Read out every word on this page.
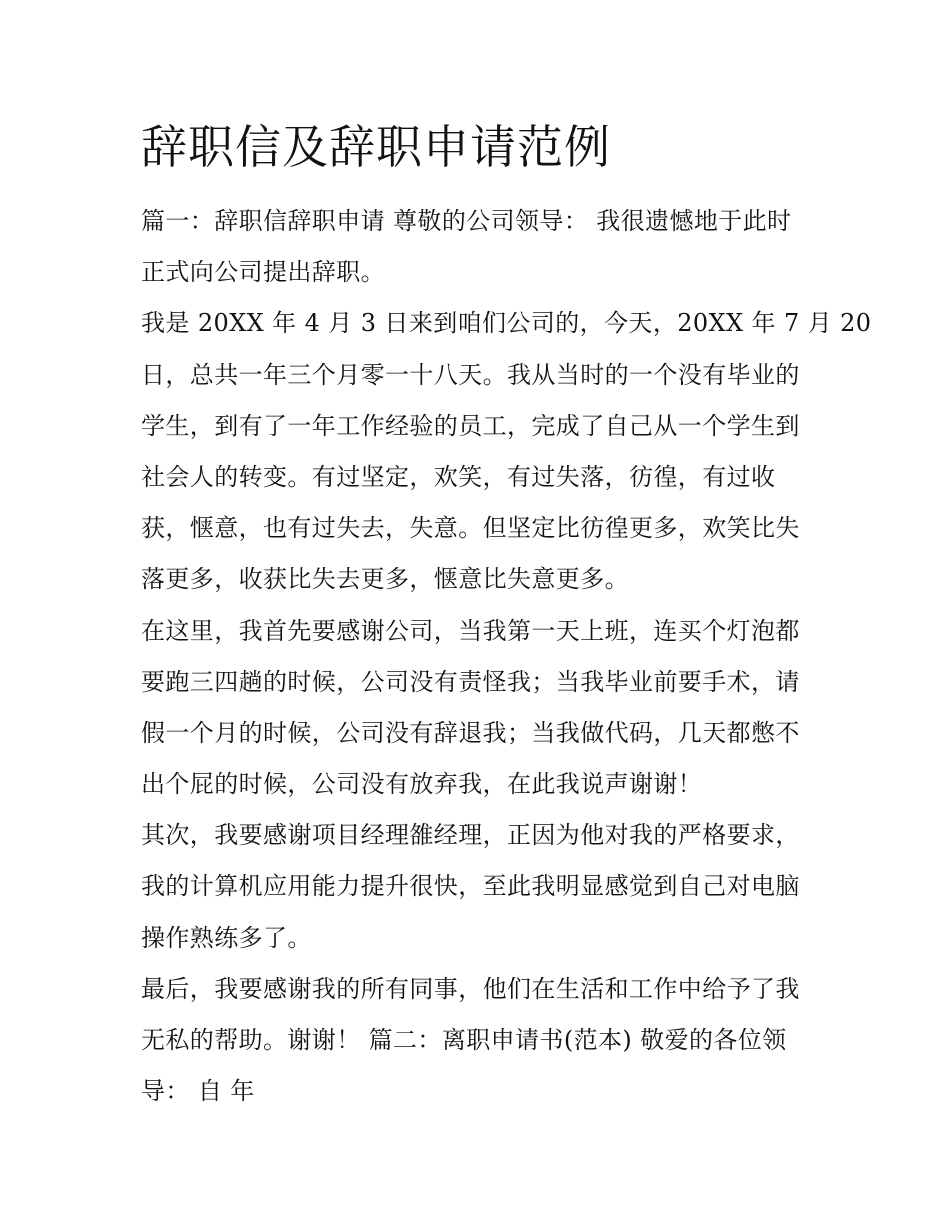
辞职信及辞职申请范例

篇一：辞职信辞职申请 尊敬的公司领导： 我很遗憾地于此时
正式向公司提出辞职。

我是 20XX 年 4 月 3 日来到咱们公司的，今天，20XX 年 7 月 20
日，总共一年三个月零一十八天。我从当时的一个没有毕业的
学生，到有了一年工作经验的员工，完成了自己从一个学生到
社会人的转变。有过坚定，欢笑，有过失落，彷徨，有过收
获，惬意，也有过失去，失意。但坚定比彷徨更多，欢笑比失
落更多，收获比失去更多，惬意比失意更多。

在这里，我首先要感谢公司，当我第一天上班，连买个灯泡都
要跑三四趟的时候，公司没有责怪我；当我毕业前要手术，请
假一个月的时候，公司没有辞退我；当我做代码，几天都憋不
出个屁的时候，公司没有放弃我，在此我说声谢谢！

其次，我要感谢项目经理雒经理，正因为他对我的严格要求，
我的计算机应用能力提升很快，至此我明显感觉到自己对电脑
操作熟练多了。

最后，我要感谢我的所有同事，他们在生活和工作中给予了我
无私的帮助。谢谢！ 篇二：离职申请书(范本) 敬爱的各位领
导： 自 年
